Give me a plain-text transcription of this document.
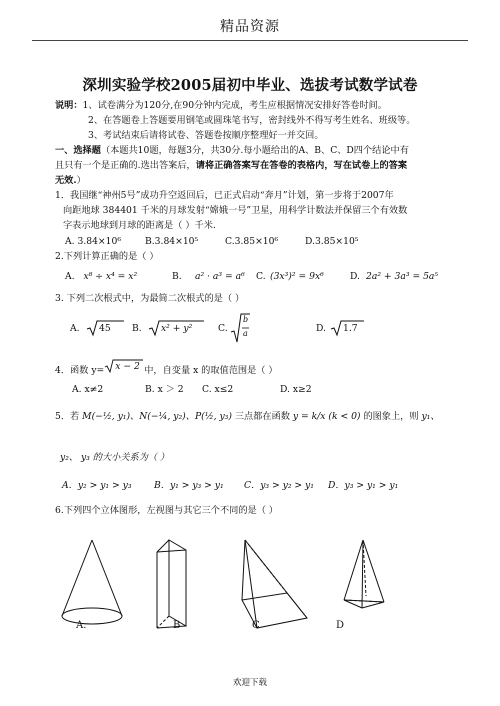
精品资源
深圳实验学校2005届初中毕业、选拔考试数学试卷
说明：1、试卷满分为120分,在90分钟内完成，考生应根据情况安排好答卷时间。
2、在答题卷上答题要用钢笔或圆珠笔书写，密封线外不得写考生姓名、班级等。
3、考试结束后请将试卷、答题卷按顺序整理好一并交回。
一、选择题（本题共10题，每题3分，共30分.每小题给出的A、B、C、D四个结论中有
且只有一个是正确的.选出答案后，请将正确答案写在答卷的表格内，写在试卷上的答案
无效.）
1．我国继“神州5号”成功升空返回后，已正式启动“奔月”计划，第一步将于2007年
向距地球 384401 千米的月球发射“嫦娥一号”卫星，用科学计数法并保留三个有效数
字表示地球到月球的距离是（ ）千米.
A. 3.84×10⁶	B.3.84×10⁵	C.3.85×10⁶	D.3.85×10⁵
2.下列计算正确的是（ ）
A. x⁸ ÷ x⁴ = x²	B. a² · a³ = a⁶ C. (3x³)² = 9x⁶	D. 2a² + 3a³ = 5a⁵
3. 下列二次根式中，为最简二次根式的是（ ）
A. 45 B. x² + y²	C.
b
a	D. 1.7
4．函数 y= x − 2 中，自变量 x 的取值范围是（ ）
A. x≠2	B. x ＞ 2 C. x≤2	D. x≥2
5．若 M(−½, y₁)、N(−¼, y₂)、P(½, y₃) 三点都在函数 y = k/x (k < 0) 的图象上，则 y₁、
y₂、 y₃ 的大小关系为（ ）
A．y₂ > y₁ > y₃ B．y₁ > y₃ > y₁ C．y₃ > y₂ > y₁ D．y₃ > y₁ > y₁
6.下列四个立体图形，左视图与其它三个不同的是（ ）
A.	B	C	D
欢迎下载
